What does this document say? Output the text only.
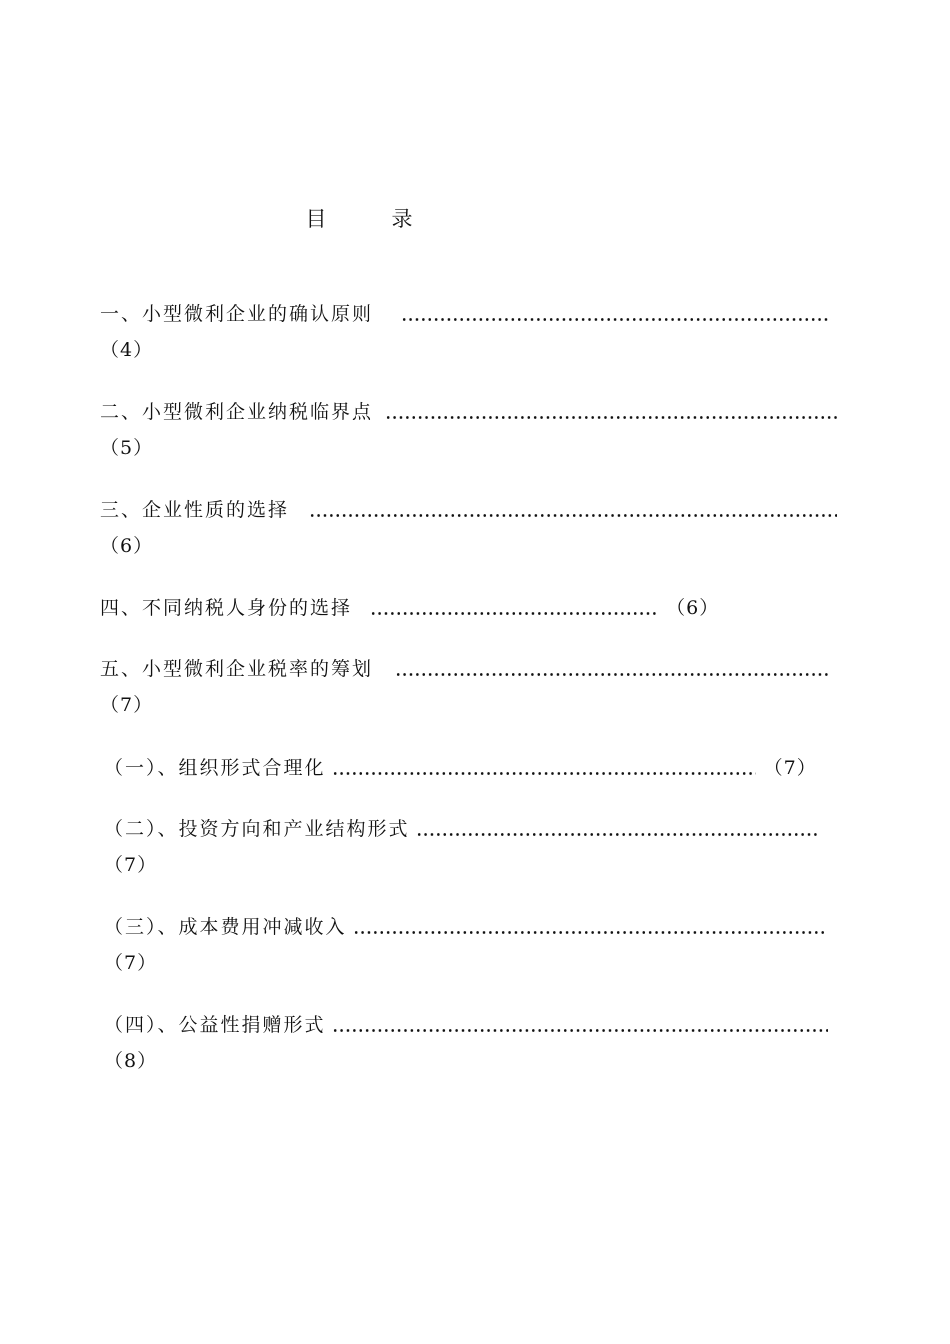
目　录
一、小型微利企业的确认原则
（4）
二、小型微利企业纳税临界点
（5）
三、企业性质的选择
（6）
四、不同纳税人身份的选择	（6）
五、小型微利企业税率的筹划
（7）
（一）、组织形式合理化	（7）
（二）、投资方向和产业结构形式
（7）
（三）、成本费用冲减收入
（7）
（四）、公益性捐赠形式
（8）
